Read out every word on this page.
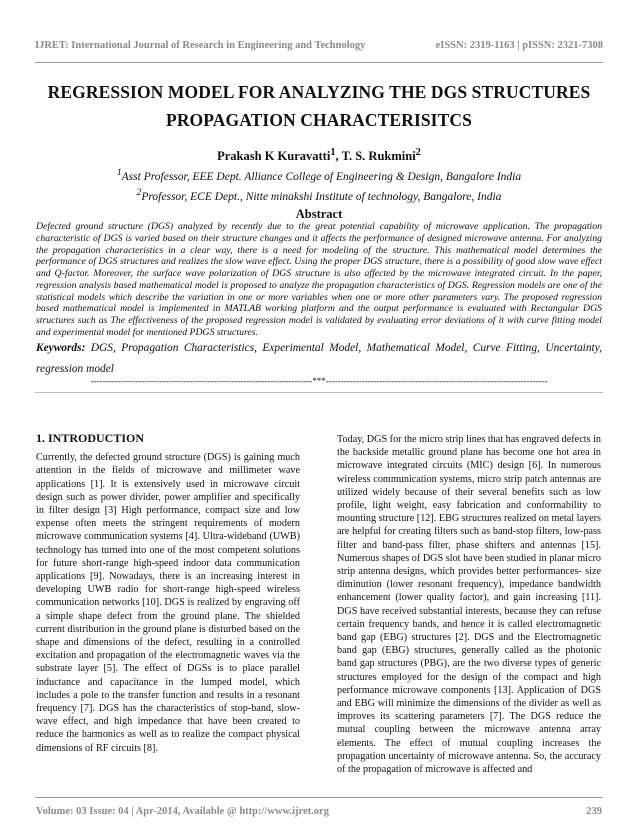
IJRET: International Journal of Research in Engineering and Technology	eISSN: 2319-1163 | pISSN: 2321-7308
REGRESSION MODEL FOR ANALYZING THE DGS STRUCTURES
PROPAGATION CHARACTERISITCS
Prakash K Kuravatti$^1$, T. S. Rukmini$^2$
$^1$Asst Professor, EEE Dept. Alliance College of Engineering & Design, Bangalore India
$^2$Professor, ECE Dept., Nitte minakshi Institute of technology, Bangalore, India
Abstract
Defected ground structure (DGS) analyzed by recently due to the great potential capability of microwave application. The propagation characteristic of DGS is varied based on their structure changes and it affects the performance of designed microwave antenna. For analyzing the propagation characteristics in a clear way, there is a need for modeling of the structure. This mathematical model determines the performance of DGS structures and realizes the slow wave effect. Using the proper DGS structure, there is a possibility of good slow wave effect and Q-factor. Moreover, the surface wave polarization of DGS structure is also affected by the microwave integrated circuit. In the paper, regression analysis based mathematical model is proposed to analyze the propagation characteristics of DGS. Regression models are one of the statistical models which describe the variation in one or more variables when one or more other parameters vary. The proposed regression based mathematical model is implemented in MATLAB working platform and the output performance is evaluated with Rectangular DGS structures such as The effectiveness of the proposed regression model is validated by evaluating error deviations of it with curve fitting model and experimental model for mentioned PDGS structures.
Keywords: DGS, Propagation Characteristics, Experimental Model, Mathematical Model, Curve Fitting, Uncertainty, regression model
--------------------------------------------------------------------------***--------------------------------------------------------------------------
1. INTRODUCTION

Currently, the defected ground structure (DGS) is gaining much attention in the fields of microwave and millimeter wave applications [1]. It is extensively used in microwave circuit design such as power divider, power amplifier and specifically in filter design [3] High performance, compact size and low expense often meets the stringent requirements of modern microwave communication systems [4]. Ultra-wideband (UWB) technology has turned into one of the most competent solutions for future short-range high-speed indoor data communication applications [9]. Nowadays, there is an increasing interest in developing UWB radio for short-range high-speed wireless communication networks [10]. DGS is realized by engraving off a simple shape defect from the ground plane. The shielded current distribution in the ground plane is disturbed based on the shape and dimensions of the defect, resulting in a controlled excitation and propagation of the electromagnetic waves via the substrate layer [5]. The effect of DGSs is to place parallel inductance and capacitance in the lumped model, which includes a pole to the transfer function and results in a resonant frequency [7]. DGS has the characteristics of stop-band, slow-wave effect, and high impedance that have been created to reduce the harmonics as well as to realize the compact physical dimensions of RF circuits [8].

Today, DGS for the micro strip lines that has engraved defects in the backside metallic ground plane has become one hot area in microwave integrated circuits (MIC) design [6]. In numerous wireless communication systems, micro strip patch antennas are utilized widely because of their several benefits such as low profile, light weight, easy fabrication and conformability to mounting structure [12]. EBG structures realized on metal layers are helpful for creating filters such as band-stop filters, low-pass filter and band-pass filter, phase shifters and antennas [15]. Numerous shapes of DGS slot have been studied in planar micro strip antenna designs, which provides better performances- size diminution (lower resonant frequency), impedance bandwidth enhancement (lower quality factor), and gain increasing [11]. DGS have received substantial interests, because they can refuse certain frequency bands, and hence it is called electromagnetic band gap (EBG) structures [2]. DGS and the Electromagnetic band gap (EBG) structures, generally called as the photonic band gap structures (PBG), are the two diverse types of generic structures employed for the design of the compact and high performance microwave components [13]. Application of DGS and EBG will minimize the dimensions of the divider as well as improves its scattering parameters [7]. The DGS reduce the mutual coupling between the microwave antenna array elements. The effect of mutual coupling increases the propagation uncertainty of microwave antenna. So, the accuracy of the propagation of microwave is affected and

Volume: 03 Issue: 04 | Apr-2014, Available @ http://www.ijret.org	239
